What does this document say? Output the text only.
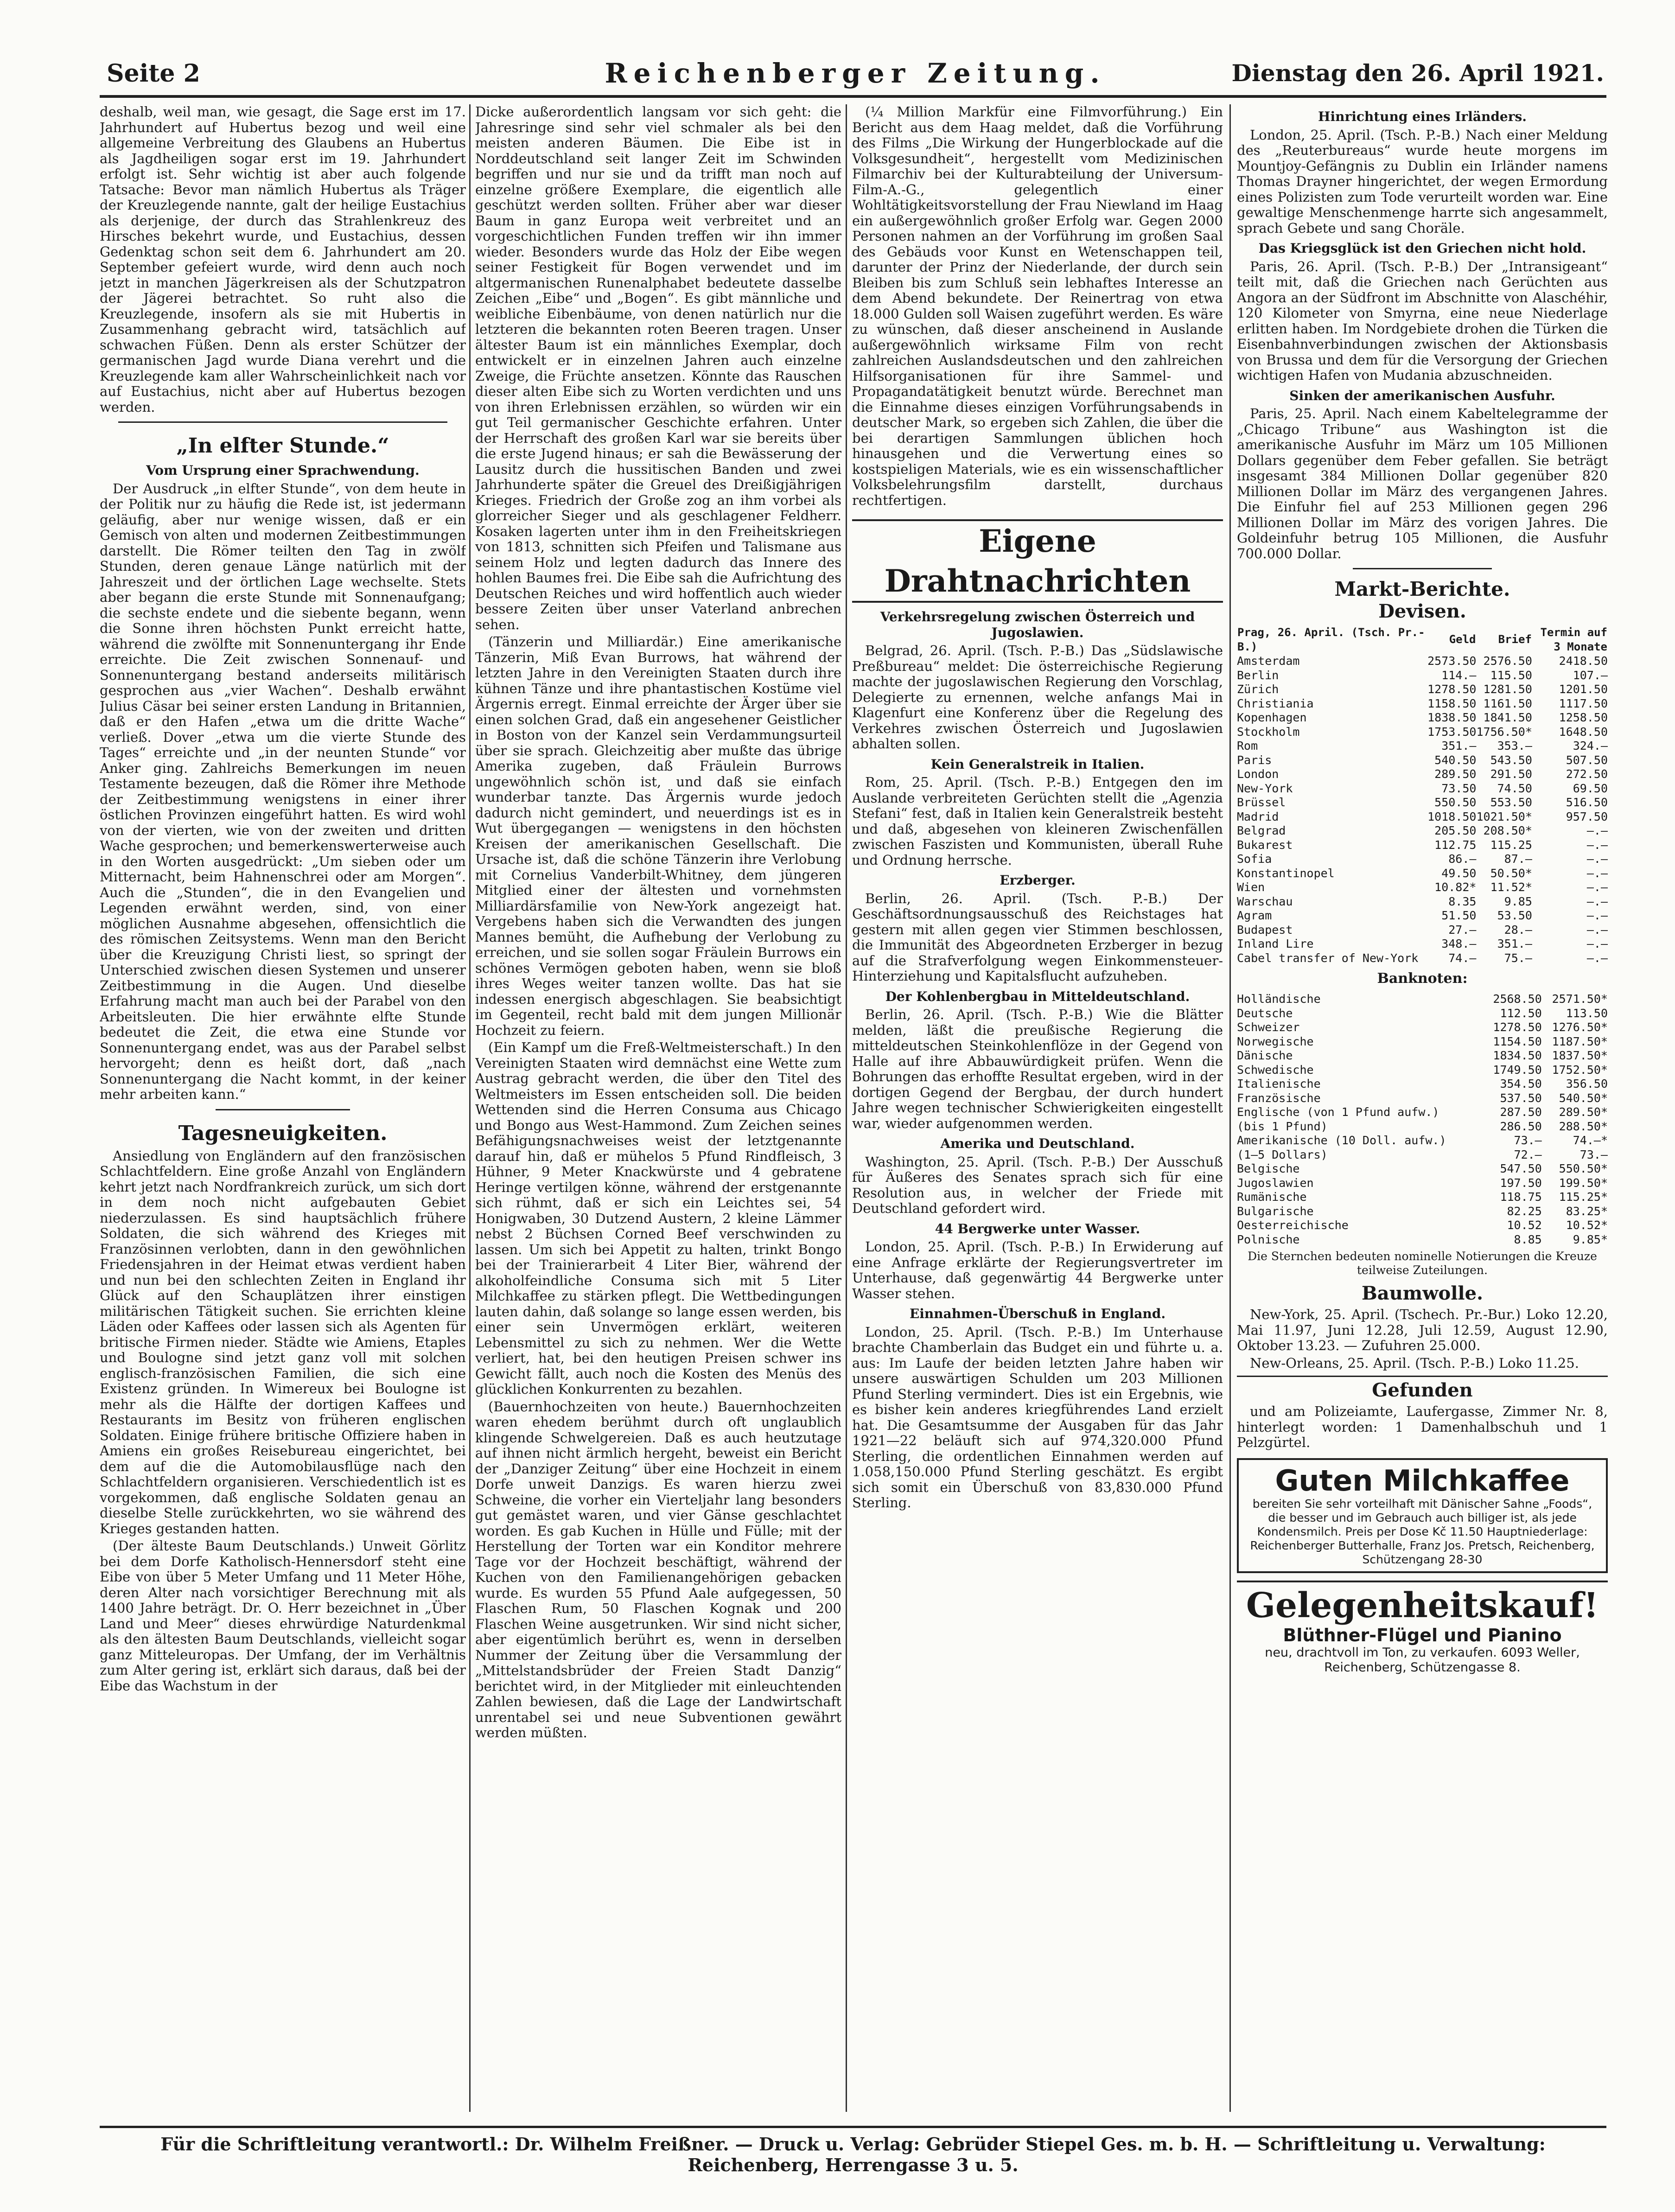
Seite 2	Reichenberger Zeitung.	Dienstag den 26. April 1921.

deshalb, weil man, wie gesagt, die Sage erst im 17. Jahrhundert auf Hubertus bezog und weil eine allgemeine Verbreitung des Glaubens an Hubertus als Jagdheiligen sogar erst im 19. Jahrhundert erfolgt ist. Sehr wichtig ist aber auch folgende Tatsache: Bevor man nämlich Hubertus als Träger der Kreuzlegende nannte, galt der heilige Eustachius als derjenige, der durch das Strahlenkreuz des Hirsches bekehrt wurde, und Eustachius, dessen Gedenktag schon seit dem 6. Jahrhundert am 20. September gefeiert wurde, wird denn auch noch jetzt in manchen Jägerkreisen als der Schutzpatron der Jägerei betrachtet. So ruht also die Kreuzlegende, insofern als sie mit Hubertis in Zusammenhang gebracht wird, tatsächlich auf schwachen Füßen. Denn als erster Schützer der germanischen Jagd wurde Diana verehrt und die Kreuzlegende kam aller Wahrscheinlichkeit nach vor auf Eustachius, nicht aber auf Hubertus bezogen werden.

„In elfter Stunde.“
Vom Ursprung einer Sprachwendung.

Der Ausdruck „in elfter Stunde“, von dem heute in der Politik nur zu häufig die Rede ist, ist jedermann geläufig, aber nur wenige wissen, daß er ein Gemisch von alten und modernen Zeitbestimmungen darstellt. Die Römer teilten den Tag in zwölf Stunden, deren genaue Länge natürlich mit der Jahreszeit und der örtlichen Lage wechselte. Stets aber begann die erste Stunde mit Sonnenaufgang; die sechste endete und die siebente begann, wenn die Sonne ihren höchsten Punkt erreicht hatte, während die zwölfte mit Sonnenuntergang ihr Ende erreichte. Die Zeit zwischen Sonnenauf- und Sonnenuntergang bestand anderseits militärisch gesprochen aus „vier Wachen“. Deshalb erwähnt Julius Cäsar bei seiner ersten Landung in Britannien, daß er den Hafen „etwa um die dritte Wache“ verließ. Dover „etwa um die vierte Stunde des Tages“ erreichte und „in der neunten Stunde“ vor Anker ging. Zahlreichs Bemerkungen im neuen Testamente bezeugen, daß die Römer ihre Methode der Zeitbestimmung wenigstens in einer ihrer östlichen Provinzen eingeführt hatten. Es wird wohl von der vierten, wie von der zweiten und dritten Wache gesprochen; und bemerkenswerterweise auch in den Worten ausgedrückt: „Um sieben oder um Mitternacht, beim Hahnenschrei oder am Morgen“. Auch die „Stunden“, die in den Evangelien und Legenden erwähnt werden, sind, von einer möglichen Ausnahme abgesehen, offensichtlich die des römischen Zeitsystems. Wenn man den Bericht über die Kreuzigung Christi liest, so springt der Unterschied zwischen diesen Systemen und unserer Zeitbestimmung in die Augen. Und dieselbe Erfahrung macht man auch bei der Parabel von den Arbeitsleuten. Die hier erwähnte elfte Stunde bedeutet die Zeit, die etwa eine Stunde vor Sonnenuntergang endet, was aus der Parabel selbst hervorgeht; denn es heißt dort, daß „nach Sonnenuntergang die Nacht kommt, in der keiner mehr arbeiten kann.“

Tagesneuigkeiten.

Ansiedlung von Engländern auf den französischen Schlachtfeldern. Eine große Anzahl von Engländern kehrt jetzt nach Nordfrankreich zurück, um sich dort in dem noch nicht aufgebauten Gebiet niederzulassen. Es sind hauptsächlich frühere Soldaten, die sich während des Krieges mit Französinnen verlobten, dann in den gewöhnlichen Friedensjahren in der Heimat etwas verdient haben und nun bei den schlechten Zeiten in England ihr Glück auf den Schauplätzen ihrer einstigen militärischen Tätigkeit suchen. Sie errichten kleine Läden oder Kaffees oder lassen sich als Agenten für britische Firmen nieder. Städte wie Amiens, Etaples und Boulogne sind jetzt ganz voll mit solchen englisch-französischen Familien, die sich eine Existenz gründen. In Wimereux bei Boulogne ist mehr als die Hälfte der dortigen Kaffees und Restaurants im Besitz von früheren englischen Soldaten. Einige frühere britische Offiziere haben in Amiens ein großes Reisebureau eingerichtet, bei dem auf die die Automobilausflüge nach den Schlachtfeldern organisieren. Verschiedentlich ist es vorgekommen, daß englische Soldaten genau an dieselbe Stelle zurückkehrten, wo sie während des Krieges gestanden hatten.

(Der älteste Baum Deutschlands.) Unweit Görlitz bei dem Dorfe Katholisch-Hennersdorf steht eine Eibe von über 5 Meter Umfang und 11 Meter Höhe, deren Alter nach vorsichtiger Berechnung mit als 1400 Jahre beträgt. Dr. O. Herr bezeichnet in „Über Land und Meer“ dieses ehrwürdige Naturdenkmal als den ältesten Baum Deutschlands, vielleicht sogar ganz Mitteleuropas. Der Umfang, der im Verhältnis zum Alter gering ist, erklärt sich daraus, daß bei der Eibe das Wachstum in der

Dicke außerordentlich langsam vor sich geht: die Jahresringe sind sehr viel schmaler als bei den meisten anderen Bäumen. Die Eibe ist in Norddeutschland seit langer Zeit im Schwinden begriffen und nur sie und da trifft man noch auf einzelne größere Exemplare, die eigentlich alle geschützt werden sollten. Früher aber war dieser Baum in ganz Europa weit verbreitet und an vorgeschichtlichen Funden treffen wir ihn immer wieder. Besonders wurde das Holz der Eibe wegen seiner Festigkeit für Bogen verwendet und im altgermanischen Runenalphabet bedeutete dasselbe Zeichen „Eibe“ und „Bogen“. Es gibt männliche und weibliche Eibenbäume, von denen natürlich nur die letzteren die bekannten roten Beeren tragen. Unser ältester Baum ist ein männliches Exemplar, doch entwickelt er in einzelnen Jahren auch einzelne Zweige, die Früchte ansetzen. Könnte das Rauschen dieser alten Eibe sich zu Worten verdichten und uns von ihren Erlebnissen erzählen, so würden wir ein gut Teil germanischer Geschichte erfahren. Unter der Herrschaft des großen Karl war sie bereits über die erste Jugend hinaus; er sah die Bewässerung der Lausitz durch die hussitischen Banden und zwei Jahrhunderte später die Greuel des Dreißigjährigen Krieges. Friedrich der Große zog an ihm vorbei als glorreicher Sieger und als geschlagener Feldherr. Kosaken lagerten unter ihm in den Freiheitskriegen von 1813, schnitten sich Pfeifen und Talismane aus seinem Holz und legten dadurch das Innere des hohlen Baumes frei. Die Eibe sah die Aufrichtung des Deutschen Reiches und wird hoffentlich auch wieder bessere Zeiten über unser Vaterland anbrechen sehen.

(Tänzerin und Milliardär.) Eine amerikanische Tänzerin, Miß Evan Burrows, hat während der letzten Jahre in den Vereinigten Staaten durch ihre kühnen Tänze und ihre phantastischen Kostüme viel Ärgernis erregt. Einmal erreichte der Ärger über sie einen solchen Grad, daß ein angesehener Geistlicher in Boston von der Kanzel sein Verdammungsurteil über sie sprach. Gleichzeitig aber mußte das übrige Amerika zugeben, daß Fräulein Burrows ungewöhnlich schön ist, und daß sie einfach wunderbar tanzte. Das Ärgernis wurde jedoch dadurch nicht gemindert, und neuerdings ist es in Wut übergegangen — wenigstens in den höchsten Kreisen der amerikanischen Gesellschaft. Die Ursache ist, daß die schöne Tänzerin ihre Verlobung mit Cornelius Vanderbilt-Whitney, dem jüngeren Mitglied einer der ältesten und vornehmsten Milliardärsfamilie von New-York angezeigt hat. Vergebens haben sich die Verwandten des jungen Mannes bemüht, die Aufhebung der Verlobung zu erreichen, und sie sollen sogar Fräulein Burrows ein schönes Vermögen geboten haben, wenn sie bloß ihres Weges weiter tanzen wollte. Das hat sie indessen energisch abgeschlagen. Sie beabsichtigt im Gegenteil, recht bald mit dem jungen Millionär Hochzeit zu feiern.

(Ein Kampf um die Freß-Weltmeisterschaft.) In den Vereinigten Staaten wird demnächst eine Wette zum Austrag gebracht werden, die über den Titel des Weltmeisters im Essen entscheiden soll. Die beiden Wettenden sind die Herren Consuma aus Chicago und Bongo aus West-Hammond. Zum Zeichen seines Befähigungsnachweises weist der letztgenannte darauf hin, daß er mühelos 5 Pfund Rindfleisch, 3 Hühner, 9 Meter Knackwürste und 4 gebratene Heringe vertilgen könne, während der erstgenannte sich rühmt, daß er sich ein Leichtes sei, 54 Honigwaben, 30 Dutzend Austern, 2 kleine Lämmer nebst 2 Büchsen Corned Beef verschwinden zu lassen. Um sich bei Appetit zu halten, trinkt Bongo bei der Trainierarbeit 4 Liter Bier, während der alkoholfeindliche Consuma sich mit 5 Liter Milchkaffee zu stärken pflegt. Die Wettbedingungen lauten dahin, daß solange so lange essen werden, bis einer sein Unvermögen erklärt, weiteren Lebensmittel zu sich zu nehmen. Wer die Wette verliert, hat, bei den heutigen Preisen schwer ins Gewicht fällt, auch noch die Kosten des Menüs des glücklichen Konkurrenten zu bezahlen.

(Bauernhochzeiten von heute.) Bauernhochzeiten waren ehedem berühmt durch oft unglaublich klingende Schwelgereien. Daß es auch heutzutage auf ihnen nicht ärmlich hergeht, beweist ein Bericht der „Danziger Zeitung“ über eine Hochzeit in einem Dorfe unweit Danzigs. Es waren hierzu zwei Schweine, die vorher ein Vierteljahr lang besonders gut gemästet waren, und vier Gänse geschlachtet worden. Es gab Kuchen in Hülle und Fülle; mit der Herstellung der Torten war ein Konditor mehrere Tage vor der Hochzeit beschäftigt, während der Kuchen von den Familienangehörigen gebacken wurde. Es wurden 55 Pfund Aale aufgegessen, 50 Flaschen Rum, 50 Flaschen Kognak und 200 Flaschen Weine ausgetrunken. Wir sind nicht sicher, aber eigentümlich berührt es, wenn in derselben Nummer der Zeitung über die Versammlung der „Mittelstandsbrüder der Freien Stadt Danzig“ berichtet wird, in der Mitglieder mit einleuchtenden Zahlen bewiesen, daß die Lage der Landwirtschaft unrentabel sei und neue Subventionen gewährt werden müßten.

(¼ Million Markfür eine Filmvorführung.) Ein Bericht aus dem Haag meldet, daß die Vorführung des Films „Die Wirkung der Hungerblockade auf die Volksgesundheit“, hergestellt vom Medizinischen Filmarchiv bei der Kulturabteilung der Universum-Film-A.-G., gelegentlich einer Wohltätigkeitsvorstellung der Frau Niewland im Haag ein außergewöhnlich großer Erfolg war. Gegen 2000 Personen nahmen an der Vorführung im großen Saal des Gebäuds voor Kunst en Wetenschappen teil, darunter der Prinz der Niederlande, der durch sein Bleiben bis zum Schluß sein lebhaftes Interesse an dem Abend bekundete. Der Reinertrag von etwa 18.000 Gulden soll Waisen zugeführt werden. Es wäre zu wünschen, daß dieser anscheinend in Auslande außergewöhnlich wirksame Film von recht zahlreichen Auslandsdeutschen und den zahlreichen Hilfsorganisationen für ihre Sammel- und Propagandatätigkeit benutzt würde. Berechnet man die Einnahme dieses einzigen Vorführungsabends in deutscher Mark, so ergeben sich Zahlen, die über die bei derartigen Sammlungen üblichen hoch hinausgehen und die Verwertung eines so kostspieligen Materials, wie es ein wissenschaftlicher Volksbelehrungsfilm darstellt, durchaus rechtfertigen.

Eigene Drahtnachrichten
Verkehrsregelung zwischen Österreich und Jugoslawien.

Belgrad, 26. April. (Tsch. P.-B.) Das „Südslawische Preßbureau“ meldet: Die österreichische Regierung machte der jugoslawischen Regierung den Vorschlag, Delegierte zu ernennen, welche anfangs Mai in Klagenfurt eine Konferenz über die Regelung des Verkehres zwischen Österreich und Jugoslawien abhalten sollen.

Kein Generalstreik in Italien.

Rom, 25. April. (Tsch. P.-B.) Entgegen den im Auslande verbreiteten Gerüchten stellt die „Agenzia Stefani“ fest, daß in Italien kein Generalstreik besteht und daß, abgesehen von kleineren Zwischenfällen zwischen Faszisten und Kommunisten, überall Ruhe und Ordnung herrsche.

Erzberger.

Berlin, 26. April. (Tsch. P.-B.) Der Geschäftsordnungsausschuß des Reichstages hat gestern mit allen gegen vier Stimmen beschlossen, die Immunität des Abgeordneten Erzberger in bezug auf die Strafverfolgung wegen Einkommensteuer-Hinterziehung und Kapitalsflucht aufzuheben.

Der Kohlenbergbau in Mitteldeutschland.

Berlin, 26. April. (Tsch. P.-B.) Wie die Blätter melden, läßt die preußische Regierung die mitteldeutschen Steinkohlenflöze in der Gegend von Halle auf ihre Abbauwürdigkeit prüfen. Wenn die Bohrungen das erhoffte Resultat ergeben, wird in der dortigen Gegend der Bergbau, der durch hundert Jahre wegen technischer Schwierigkeiten eingestellt war, wieder aufgenommen werden.

Amerika und Deutschland.

Washington, 25. April. (Tsch. P.-B.) Der Ausschuß für Äußeres des Senates sprach sich für eine Resolution aus, in welcher der Friede mit Deutschland gefordert wird.

44 Bergwerke unter Wasser.

London, 25. April. (Tsch. P.-B.) In Erwiderung auf eine Anfrage erklärte der Regierungsvertreter im Unterhause, daß gegenwärtig 44 Bergwerke unter Wasser stehen.

Einnahmen-Überschuß in England.

London, 25. April. (Tsch. P.-B.) Im Unterhause brachte Chamberlain das Budget ein und führte u. a. aus: Im Laufe der beiden letzten Jahre haben wir unsere auswärtigen Schulden um 203 Millionen Pfund Sterling vermindert. Dies ist ein Ergebnis, wie es bisher kein anderes kriegführendes Land erzielt hat. Die Gesamtsumme der Ausgaben für das Jahr 1921—22 beläuft sich auf 974,320.000 Pfund Sterling, die ordentlichen Einnahmen werden auf 1.058,150.000 Pfund Sterling geschätzt. Es ergibt sich somit ein Überschuß von 83,830.000 Pfund Sterling.

Hinrichtung eines Irländers.

London, 25. April. (Tsch. P.-B.) Nach einer Meldung des „Reuterbureaus“ wurde heute morgens im Mountjoy-Gefängnis zu Dublin ein Irländer namens Thomas Drayner hingerichtet, der wegen Ermordung eines Polizisten zum Tode verurteilt worden war. Eine gewaltige Menschenmenge harrte sich angesammelt, sprach Gebete und sang Choräle.

Das Kriegsglück ist den Griechen nicht hold.

Paris, 26. April. (Tsch. P.-B.) Der „Intransigeant“ teilt mit, daß die Griechen nach Gerüchten aus Angora an der Südfront im Abschnitte von Alaschéhir, 120 Kilometer von Smyrna, eine neue Niederlage erlitten haben. Im Nordgebiete drohen die Türken die Eisenbahnverbindungen zwischen der Aktionsbasis von Brussa und dem für die Versorgung der Griechen wichtigen Hafen von Mudania abzuschneiden.

Sinken der amerikanischen Ausfuhr.

Paris, 25. April. Nach einem Kabeltelegramme der „Chicago Tribune“ aus Washington ist die amerikanische Ausfuhr im März um 105 Millionen Dollars gegenüber dem Feber gefallen. Sie beträgt insgesamt 384 Millionen Dollar gegenüber 820 Millionen Dollar im März des vergangenen Jahres. Die Einfuhr fiel auf 253 Millionen gegen 296 Millionen Dollar im März des vorigen Jahres. Die Goldeinfuhr betrug 105 Millionen, die Ausfuhr 700.000 Dollar.

Markt-Berichte.
Devisen.
Prag, 26. April. (Tsch. Pr.-B.)	Geld	Brief	Termin auf 3 Monate
Amsterdam	2573.50	2576.50	2418.50
Berlin	114.—	115.50	107.—
Zürich	1278.50	1281.50	1201.50
Christiania	1158.50	1161.50	1117.50
Kopenhagen	1838.50	1841.50	1258.50
Stockholm	1753.50	1756.50*	1648.50
Rom	351.—	353.—	324.—
Paris	540.50	543.50	507.50
London	289.50	291.50	272.50
New-York	73.50	74.50	69.50
Brüssel	550.50	553.50	516.50
Madrid	1018.50	1021.50*	957.50
Belgrad	205.50	208.50*	—.—
Bukarest	112.75	115.25	—.—
Sofia	86.—	87.—	—.—
Konstantinopel	49.50	50.50*	—.—
Wien	10.82*	11.52*	—.—
Warschau	8.35	9.85	—.—
Agram	51.50	53.50	—.—
Budapest	27.—	28.—	—.—
Inland Lire	348.—	351.—	—.—
Cabel transfer of New-York	74.—	75.—	—.—
Banknoten:
Holländische	2568.50	2571.50*
Deutsche	112.50	113.50
Schweizer	1278.50	1276.50*
Norwegische	1154.50	1187.50*
Dänische	1834.50	1837.50*
Schwedische	1749.50	1752.50*
Italienische	354.50	356.50
Französische	537.50	540.50*
Englische (von 1 Pfund aufw.)	287.50	289.50*
(bis 1 Pfund)	286.50	288.50*
Amerikanische (10 Doll. aufw.)	73.—	74.—*
(1—5 Dollars)	72.—	73.—
Belgische	547.50	550.50*
Jugoslawien	197.50	199.50*
Rumänische	118.75	115.25*
Bulgarische	82.25	83.25*
Oesterreichische	10.52	10.52*
Polnische	8.85	9.85*
Die Sternchen bedeuten nominelle Notierungen die Kreuze teilweise Zuteilungen.
Baumwolle.

New-York, 25. April. (Tschech. Pr.-Bur.) Loko 12.20, Mai 11.97, Juni 12.28, Juli 12.59, August 12.90, Oktober 13.23. — Zufuhren 25.000.

New-Orleans, 25. April. (Tsch. P.-B.) Loko 11.25.

Gefunden

und am Polizeiamte, Laufergasse, Zimmer Nr. 8, hinterlegt worden: 1 Damenhalbschuh und 1 Pelzgürtel.

Guten Milchkaffee
bereiten Sie sehr vorteilhaft mit Dänischer Sahne „Foods“, die besser und im Gebrauch auch billiger ist, als jede Kondensmilch. Preis per Dose Kč 11.50 Hauptniederlage: Reichenberger Butterhalle, Franz Jos. Pretsch, Reichenberg, Schützengang 28-30
Gelegenheitskauf!
Blüthner-Flügel und Pianino
neu, drachtvoll im Ton, zu verkaufen. 6093 Weller, Reichenberg, Schützengasse 8.
Für die Schriftleitung verantwortl.: Dr. Wilhelm Freißner. — Druck u. Verlag: Gebrüder Stiepel Ges. m. b. H. — Schriftleitung u. Verwaltung: Reichenberg, Herrengasse 3 u. 5.
